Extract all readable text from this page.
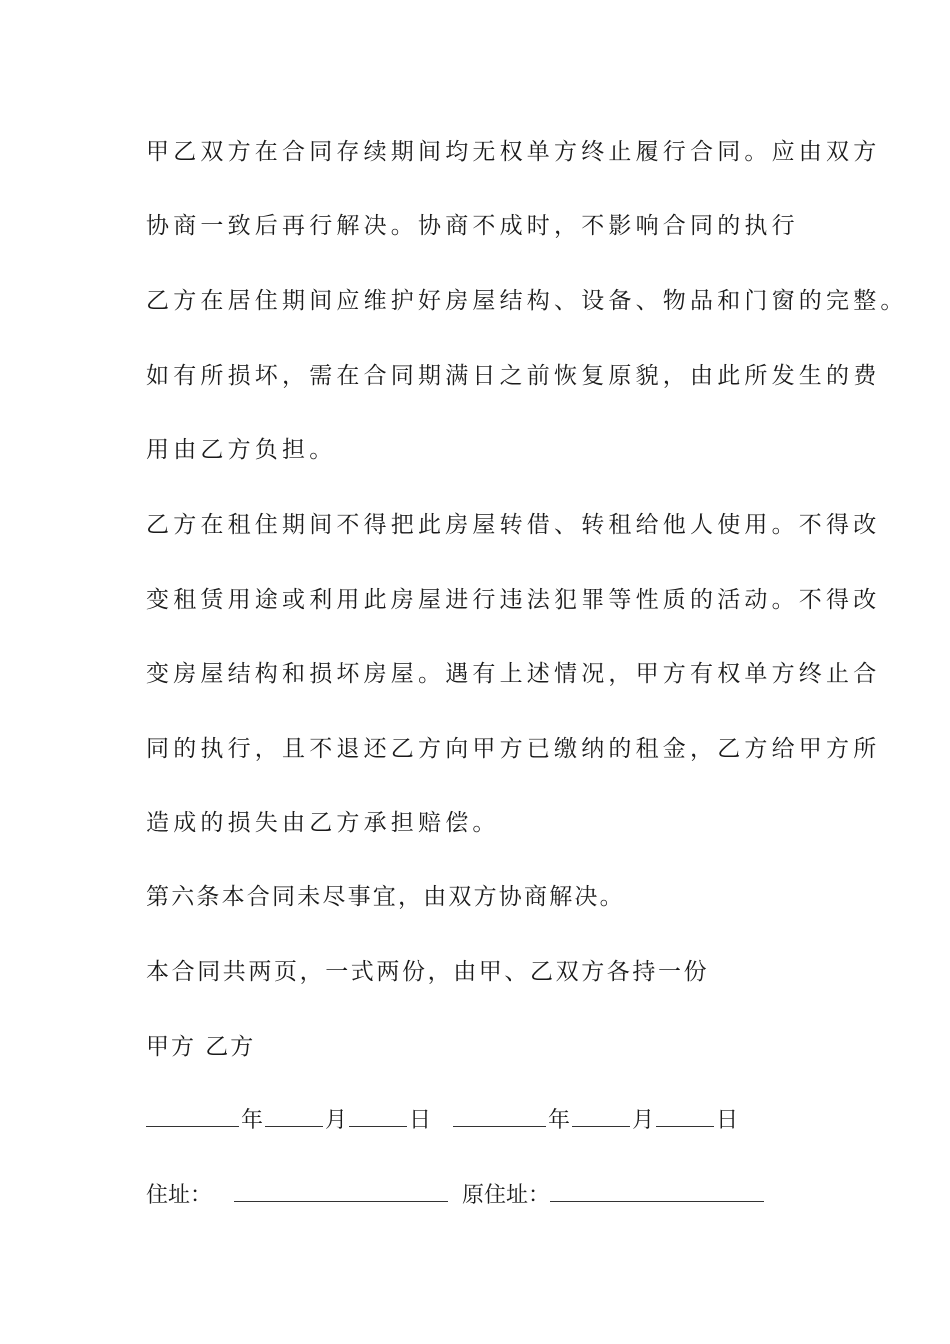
甲乙双方在合同存续期间均无权单方终止履行合同。应由双方
协商一致后再行解决。协商不成时，不影响合同的执行
乙方在居住期间应维护好房屋结构、设备、物品和门窗的完整。
如有所损坏，需在合同期满日之前恢复原貌，由此所发生的费
用由乙方负担。
乙方在租住期间不得把此房屋转借、转租给他人使用。不得改
变租赁用途或利用此房屋进行违法犯罪等性质的活动。不得改
变房屋结构和损坏房屋。遇有上述情况，甲方有权单方终止合
同的执行，且不退还乙方向甲方已缴纳的租金，乙方给甲方所
造成的损失由乙方承担赔偿。
第六条本合同未尽事宜，由双方协商解决。
本合同共两页，一式两份，由甲、乙双方各持一份
甲方 乙方
年	月	日	年	月	日
住址：	原住址：
